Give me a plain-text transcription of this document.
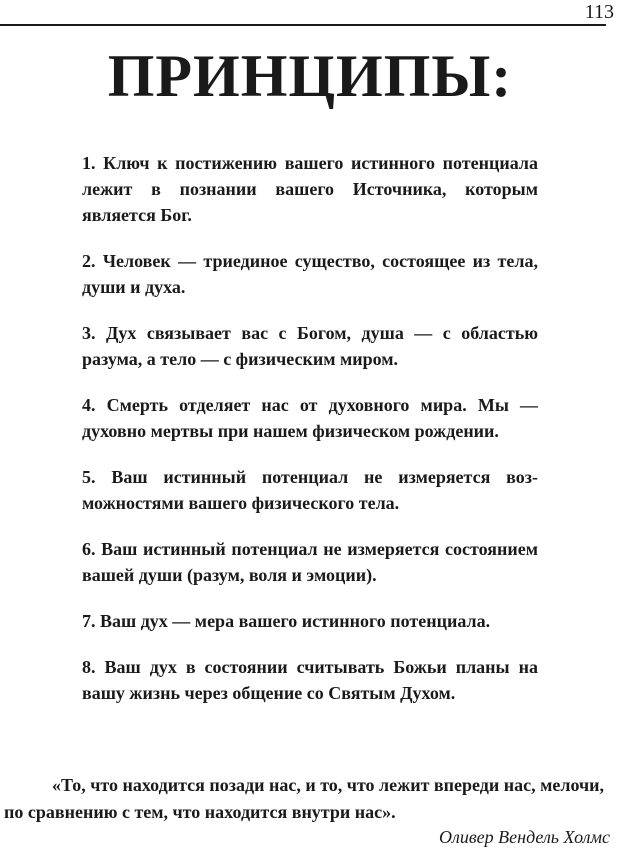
113
ПРИНЦИПЫ:
1. Ключ к постижению вашего истинного потенциала лежит в познании вашего Источника, которым является Бог.
2. Человек — триединое существо, состоящее из тела, души и духа.
3. Дух связывает вас с Богом, душа — с областью разума, а тело — с физическим миром.
4. Смерть отделяет нас от духовного мира. Мы — духовно мертвы при нашем физическом рождении.
5. Ваш истинный потенциал не измеряется возможностями вашего физического тела.
6. Ваш истинный потенциал не измеряется состоянием вашей души (разум, воля и эмоции).
7. Ваш дух — мера вашего истинного потенциала.
8. Ваш дух в состоянии считывать Божьи планы на вашу жизнь через общение со Святым Духом.

«То, что находится позади нас, и то, что лежит впереди нас, мелочи, по сравнению с тем, что находится внутри нас».

Оливер Вендель Холмс
